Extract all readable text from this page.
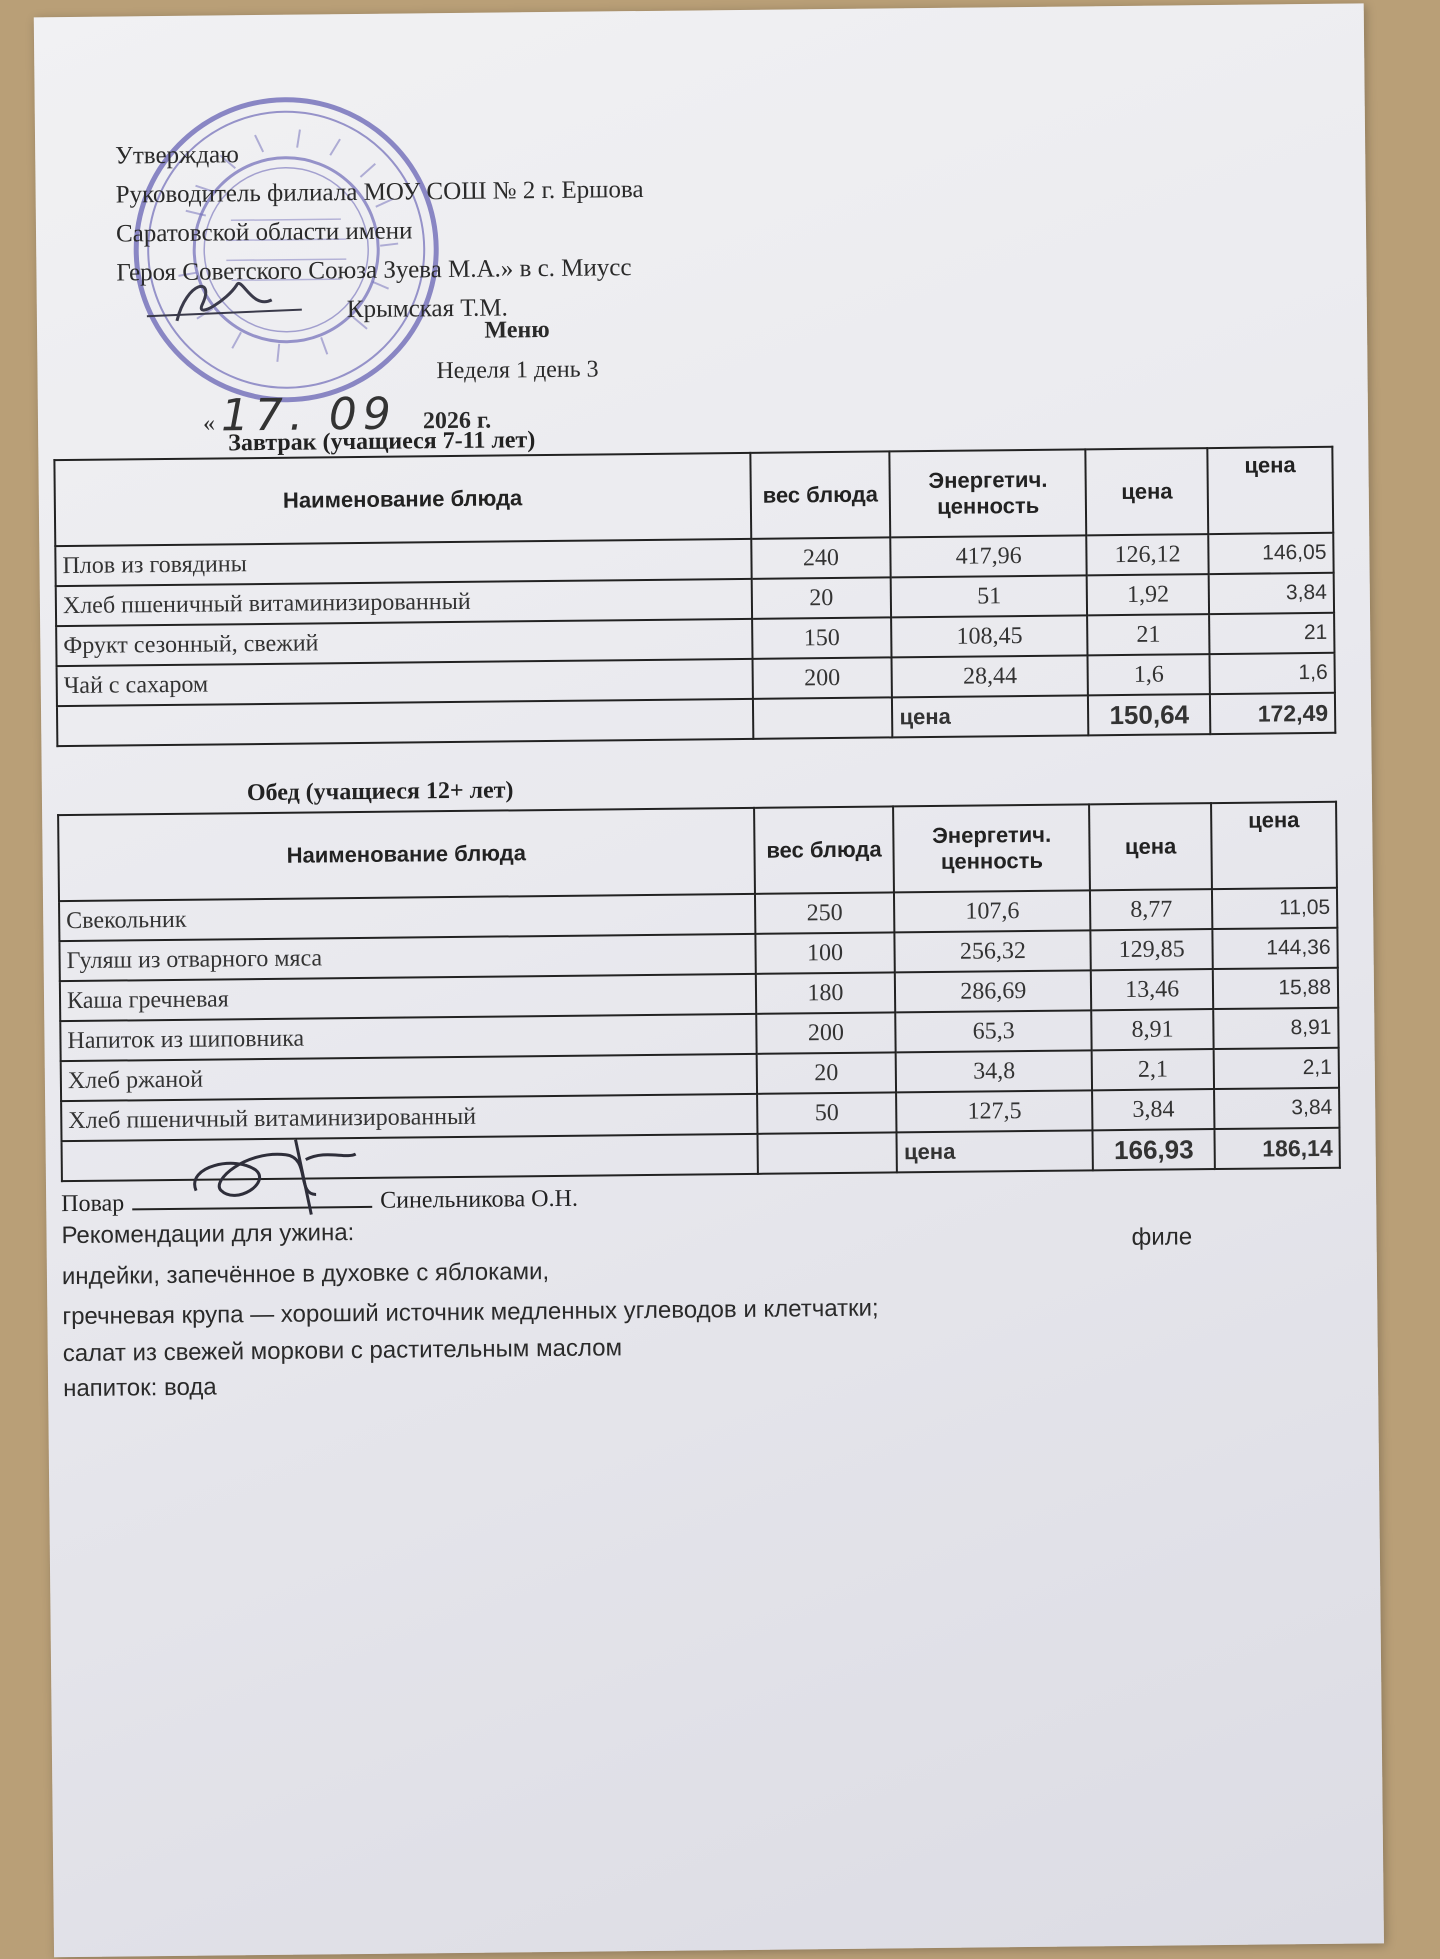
Утверждаю
Руководитель филиала МОУ СОШ № 2 г. Ершова
Саратовской области имени
Героя Советского Союза Зуева М.А.» в с. Миусс
Крымская Т.М.
Меню
Неделя 1 день 3
« 17. 09 2026 г.
Завтрак (учащиеся 7-11 лет)
Наименование блюда	вес блюда	Энергетич. ценность	цена	цена
Плов из говядины	240	417,96	126,12	146,05
Хлеб пшеничный витаминизированный	20	51	1,92	3,84
Фрукт сезонный, свежий	150	108,45	21	21
Чай с сахаром	200	28,44	1,6	1,6
		цена	150,64	172,49
Обед (учащиеся 12+ лет)
Наименование блюда	вес блюда	Энергетич. ценность	цена	цена
Свекольник	250	107,6	8,77	11,05
Гуляш из отварного мяса	100	256,32	129,85	144,36
Каша гречневая	180	286,69	13,46	15,88
Напиток из шиповника	200	65,3	8,91	8,91
Хлеб ржаной	20	34,8	2,1	2,1
Хлеб пшеничный витаминизированный	50	127,5	3,84	3,84
		цена	166,93	186,14
Повар	Синельникова О.Н.
Рекомендации для ужина:	филе
индейки, запечённое в духовке с яблоками,
гречневая крупа — хороший источник медленных углеводов и клетчатки;
салат из свежей моркови с растительным маслом
напиток: вода
